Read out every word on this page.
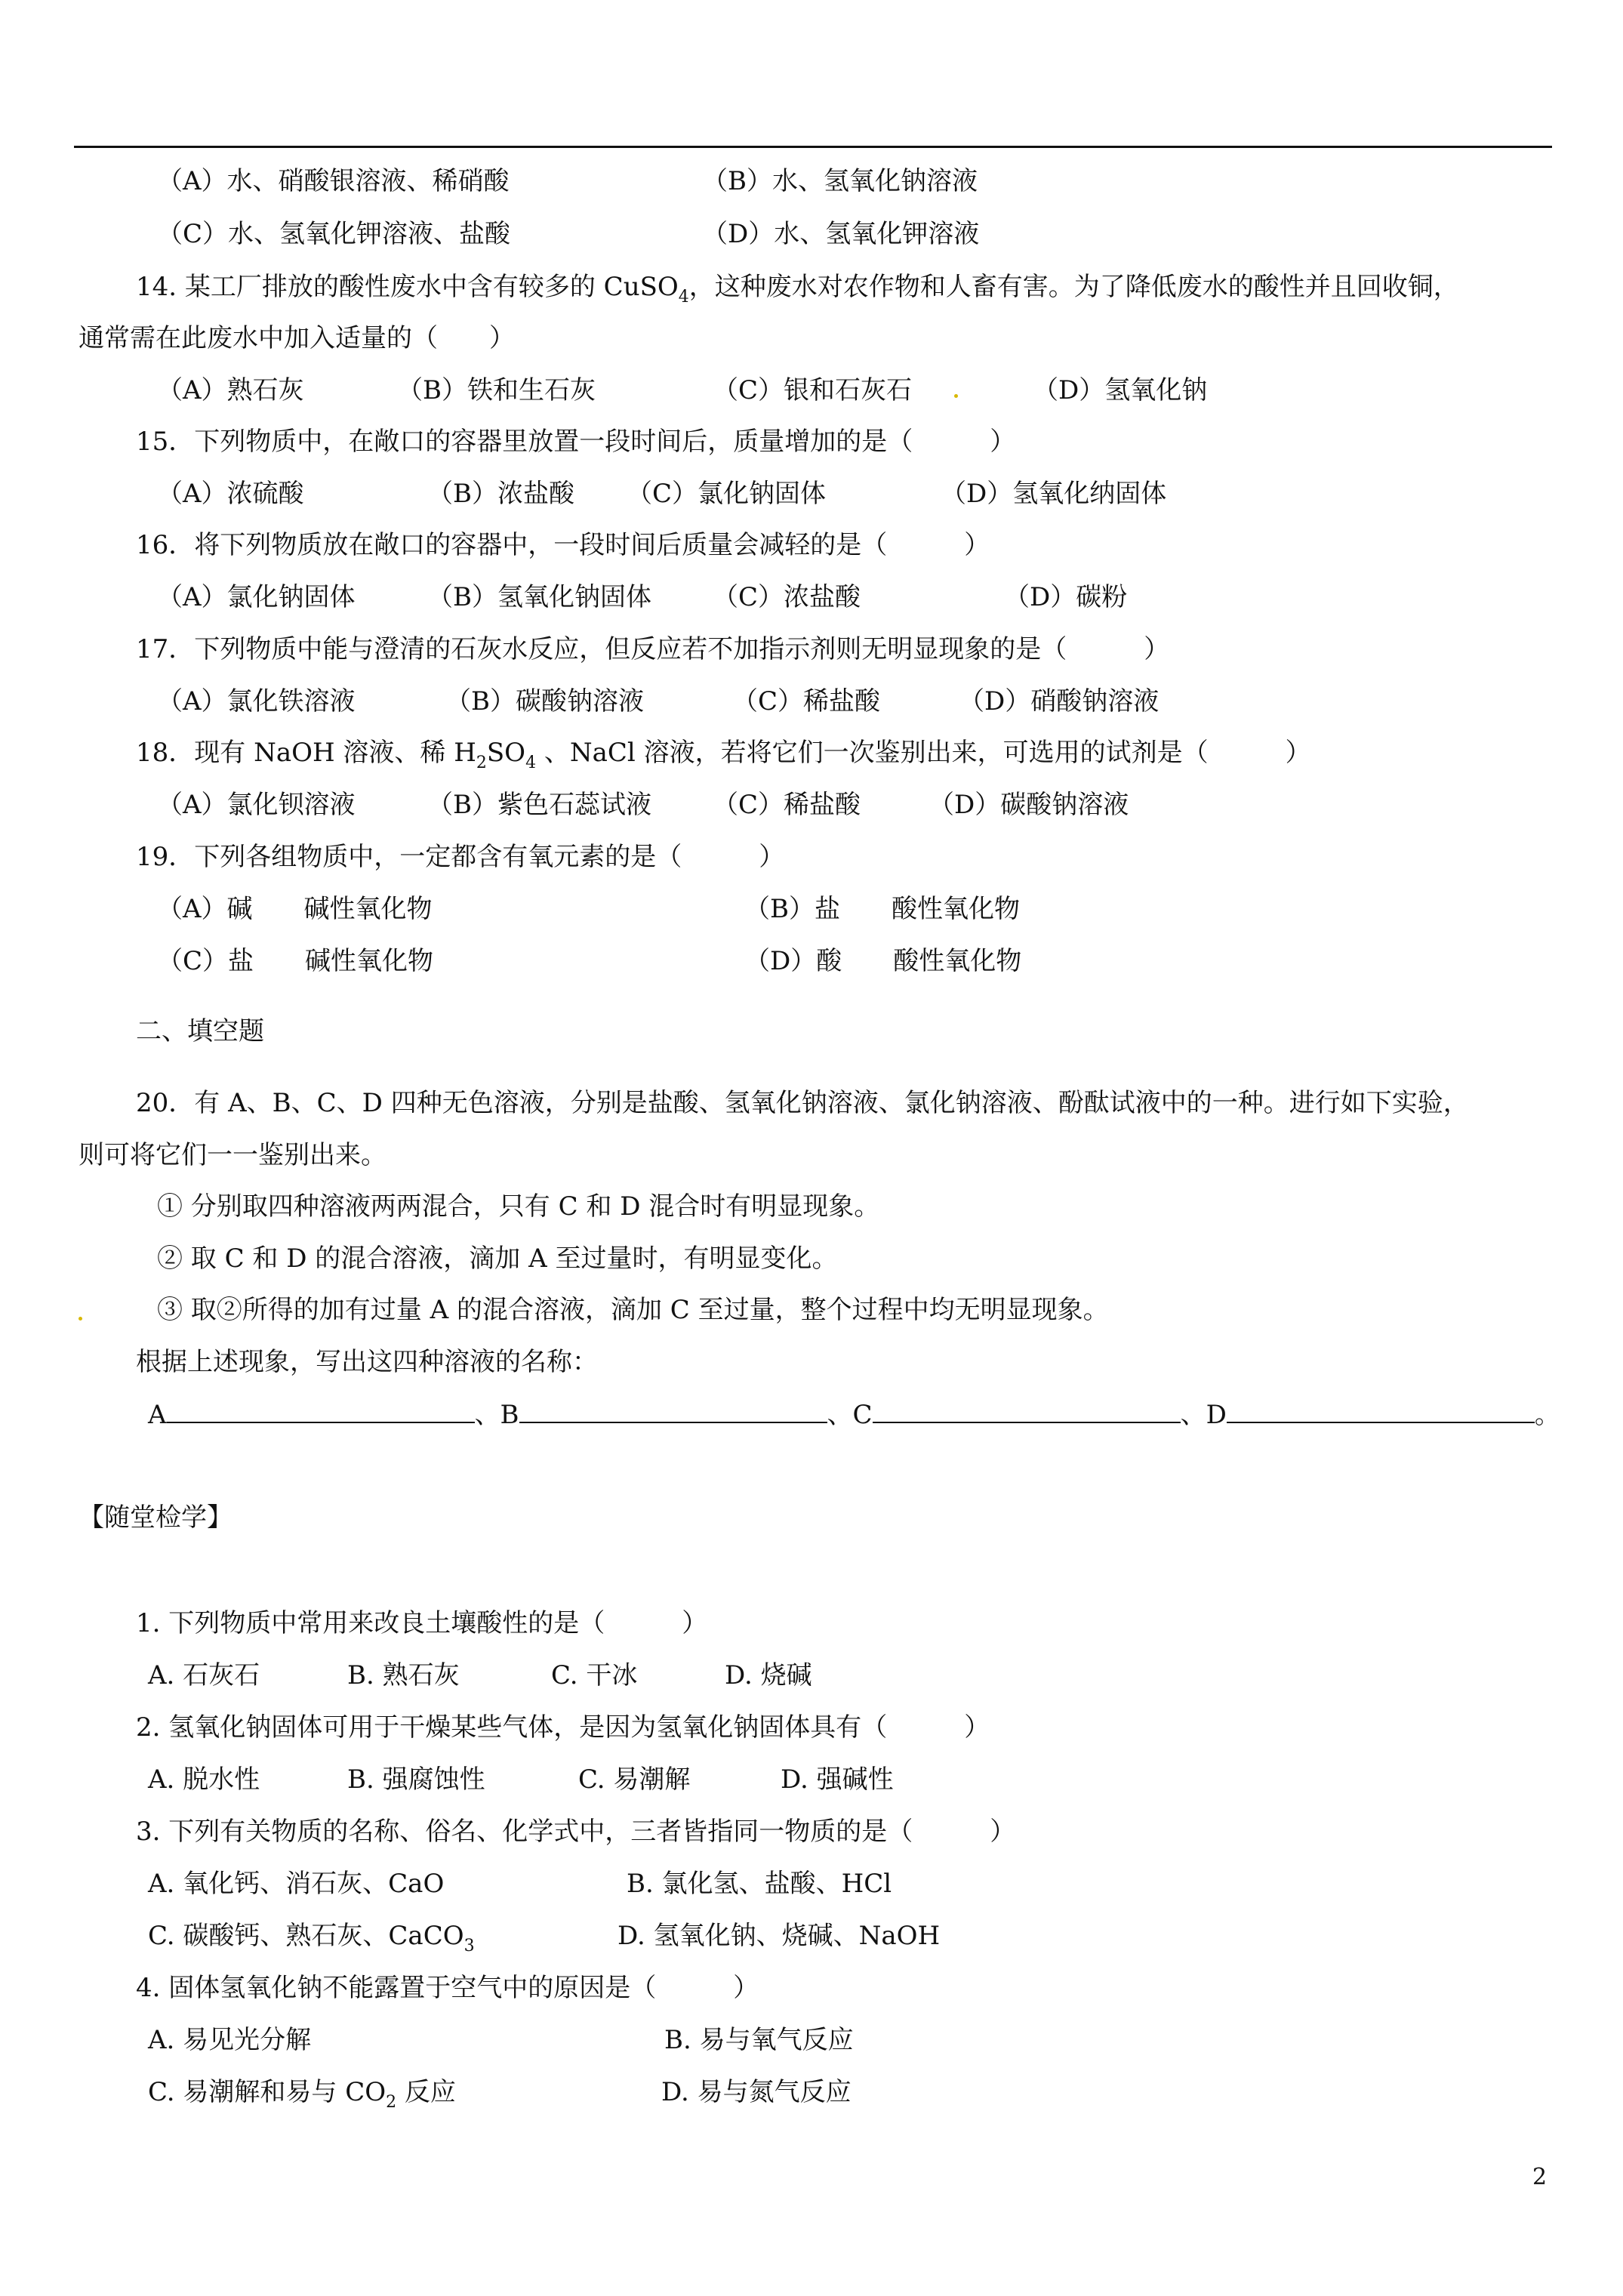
（A）水、硝酸银溶液、稀硝酸	（B）水、氢氧化钠溶液
（C）水、氢氧化钾溶液、盐酸	（D）水、氢氧化钾溶液
14. 某工厂排放的酸性废水中含有较多的 CuSO$_4$，这种废水对农作物和人畜有害。为了降低废水的酸性并且回收铜，
通常需在此废水中加入适量的（　　）
（A）熟石灰	（B）铁和生石灰	（C）银和石灰石	（D）氢氧化钠
15．下列物质中，在敞口的容器里放置一段时间后，质量增加的是（　　　）
（A）浓硫酸	（B）浓盐酸 （C）氯化钠固体	（D）氢氧化纳固体
16．将下列物质放在敞口的容器中，一段时间后质量会减轻的是（　　　）
（A）氯化钠固体	（B）氢氧化钠固体 （C）浓盐酸	（D）碳粉
17．下列物质中能与澄清的石灰水反应，但反应若不加指示剂则无明显现象的是（　　　）
（A）氯化铁溶液	（B）碳酸钠溶液	（C）稀盐酸	（D）硝酸钠溶液
18．现有 NaOH 溶液、稀 $H_2SO_4$ 、NaCl 溶液，若将它们一次鉴别出来，可选用的试剂是（　　　）
（A）氯化钡溶液	（B）紫色石蕊试液 （C）稀盐酸	（D）碳酸钠溶液
19．下列各组物质中，一定都含有氧元素的是（　　　）
（A）碱　　碱性氧化物	（B）盐　　酸性氧化物
（C）盐　　碱性氧化物	（D）酸　　酸性氧化物
二、填空题
20．有 A、B、C、D 四种无色溶液，分别是盐酸、氢氧化钠溶液、氯化钠溶液、酚酞试液中的一种。进行如下实验，
则可将它们一一鉴别出来。
① 分别取四种溶液两两混合，只有 C 和 D 混合时有明显现象。
② 取 C 和 D 的混合溶液，滴加 A 至过量时，有明显变化。
③ 取②所得的加有过量 A 的混合溶液，滴加 C 至过量，整个过程中均无明显现象。
根据上述现象，写出这四种溶液的名称：
A	、B	、C	、D	。
【随堂检学】
1. 下列物质中常用来改良土壤酸性的是（　　　）
A. 石灰石	B. 熟石灰	C. 干冰	D. 烧碱
2. 氢氧化钠固体可用于干燥某些气体，是因为氢氧化钠固体具有（　　　）
A. 脱水性	B. 强腐蚀性	C. 易潮解	D. 强碱性
3. 下列有关物质的名称、俗名、化学式中，三者皆指同一物质的是（　　　）
A. 氧化钙、消石灰、CaO	B. 氯化氢、盐酸、HCl
C. 碳酸钙、熟石灰、CaCO$_3$	D. 氢氧化钠、烧碱、NaOH
4. 固体氢氧化钠不能露置于空气中的原因是（　　　）
A. 易见光分解	B. 易与氧气反应
C. 易潮解和易与 $CO_2$ 反应	D. 易与氮气反应
2
